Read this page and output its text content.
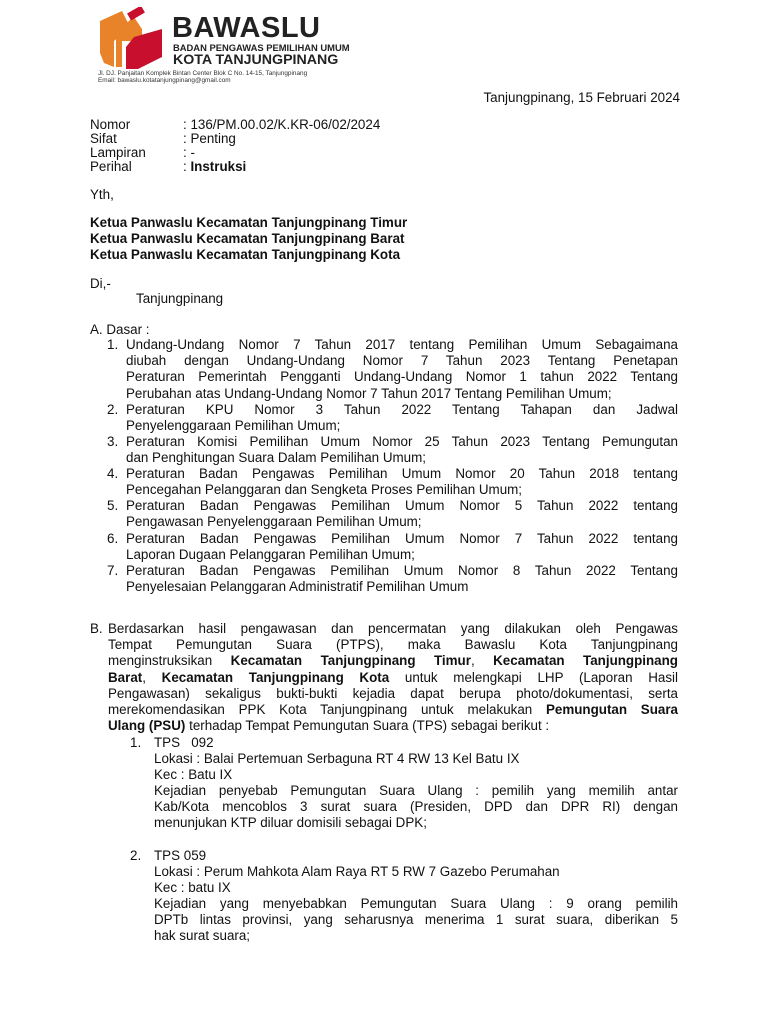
BAWASLU
BADAN PENGAWAS PEMILIHAN UMUM
KOTA TANJUNGPINANG
Jl. DJ. Panjaitan Komplek Bintan Center Blok C No. 14-15, Tanjungpinang
Email: bawaslu.kotatanjungpinang@gmail.com
Tanjungpinang, 15 Februari 2024
Nomor	: 136/PM.00.02/K.KR-06/02/2024
Sifat	: Penting
Lampiran	: -
Perihal	: Instruksi
Yth,
Ketua Panwaslu Kecamatan Tanjungpinang Timur
Ketua Panwaslu Kecamatan Tanjungpinang Barat
Ketua Panwaslu Kecamatan Tanjungpinang Kota
Di,-
Tanjungpinang
A. Dasar :
1. Undang-Undang Nomor 7 Tahun 2017 tentang Pemilihan Umum Sebagaimana
diubah dengan Undang-Undang Nomor 7 Tahun 2023 Tentang Penetapan
Peraturan Pemerintah Pengganti Undang-Undang Nomor 1 tahun 2022 Tentang
Perubahan atas Undang-Undang Nomor 7 Tahun 2017 Tentang Pemilihan Umum;
2. Peraturan KPU Nomor 3 Tahun 2022 Tentang Tahapan dan Jadwal
Penyelenggaraan Pemilihan Umum;
3. Peraturan Komisi Pemilihan Umum Nomor 25 Tahun 2023 Tentang Pemungutan
dan Penghitungan Suara Dalam Pemilihan Umum;
4. Peraturan Badan Pengawas Pemilihan Umum Nomor 20 Tahun 2018 tentang
Pencegahan Pelanggaran dan Sengketa Proses Pemilihan Umum;
5. Peraturan Badan Pengawas Pemilihan Umum Nomor 5 Tahun 2022 tentang
Pengawasan Penyelenggaraan Pemilihan Umum;
6. Peraturan Badan Pengawas Pemilihan Umum Nomor 7 Tahun 2022 tentang
Laporan Dugaan Pelanggaran Pemilihan Umum;
7. Peraturan Badan Pengawas Pemilihan Umum Nomor 8 Tahun 2022 Tentang
Penyelesaian Pelanggaran Administratif Pemilihan Umum
B. Berdasarkan hasil pengawasan dan pencermatan yang dilakukan oleh Pengawas
Tempat Pemungutan Suara (PTPS), maka Bawaslu Kota Tanjungpinang
menginstruksikan Kecamatan Tanjungpinang Timur, Kecamatan Tanjungpinang
Barat, Kecamatan Tanjungpinang Kota untuk melengkapi LHP (Laporan Hasil
Pengawasan) sekaligus bukti-bukti kejadia dapat berupa photo/dokumentasi, serta
merekomendasikan PPK Kota Tanjungpinang untuk melakukan Pemungutan Suara
Ulang (PSU) terhadap Tempat Pemungutan Suara (TPS) sebagai berikut :
1. TPS   092
Lokasi : Balai Pertemuan Serbaguna RT 4 RW 13 Kel Batu IX
Kec : Batu IX
Kejadian penyebab Pemungutan Suara Ulang : pemilih yang memilih antar
Kab/Kota mencoblos 3 surat suara (Presiden, DPD dan DPR RI) dengan
menunjukan KTP diluar domisili sebagai DPK;
2. TPS 059
Lokasi : Perum Mahkota Alam Raya RT 5 RW 7 Gazebo Perumahan
Kec : batu IX
Kejadian yang menyebabkan Pemungutan Suara Ulang : 9 orang pemilih
DPTb lintas provinsi, yang seharusnya menerima 1 surat suara, diberikan 5
hak surat suara;
